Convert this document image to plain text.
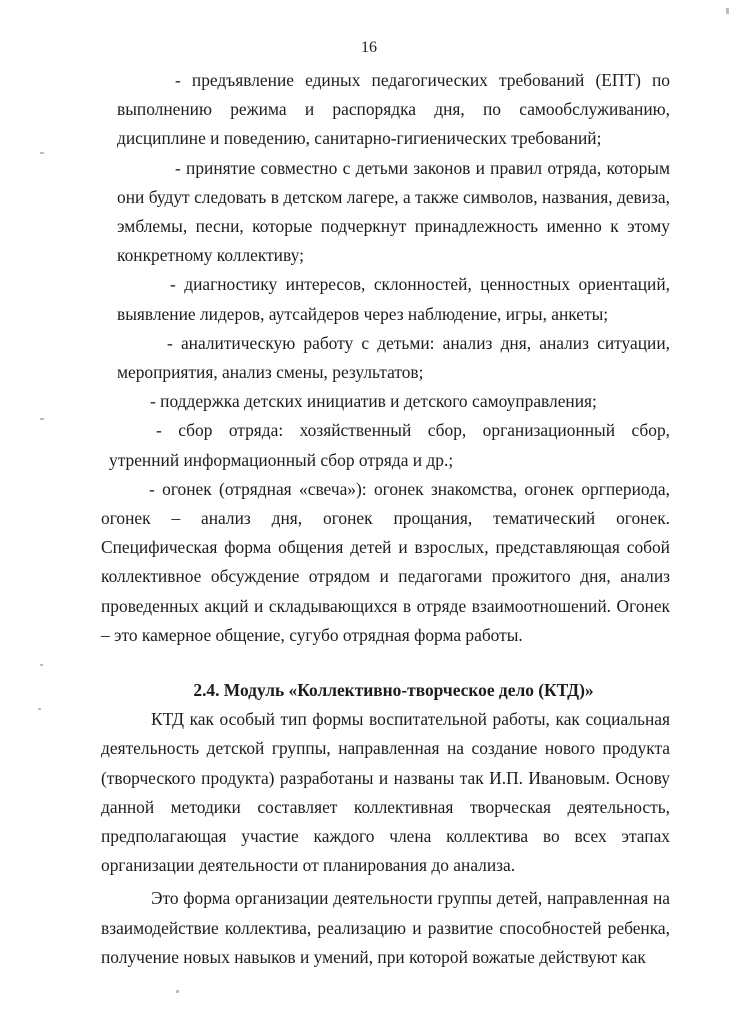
16

- предъявление единых педагогических требований (ЕПТ) по выполнению режима и распорядка дня, по самообслуживанию, дисциплине и поведению, санитарно-гигиенических требований;

- принятие совместно с детьми законов и правил отряда, которым они будут следовать в детском лагере, а также символов, названия, девиза, эмблемы, песни, которые подчеркнут принадлежность именно к этому конкретному коллективу;

- диагностику интересов, склонностей, ценностных ориентаций, выявление лидеров, аутсайдеров через наблюдение, игры, анкеты;

- аналитическую работу с детьми: анализ дня, анализ ситуации, мероприятия, анализ смены, результатов;

- поддержка детских инициатив и детского самоуправления;

- сбор отряда: хозяйственный сбор, организационный сбор, утренний информационный сбор отряда и др.;

- огонек (отрядная «свеча»): огонек знакомства, огонек оргпериода, огонек – анализ дня, огонек прощания, тематический огонек. Специфическая форма общения детей и взрослых, представляющая собой коллективное обсуждение отрядом и педагогами прожитого дня, анализ проведенных акций и складывающихся в отряде взаимоотношений. Огонек – это камерное общение, сугубо отрядная форма работы.

2.4. Модуль «Коллективно-творческое дело (КТД)»

КТД как особый тип формы воспитательной работы, как социальная деятельность детской группы, направленная на создание нового продукта (творческого продукта) разработаны и названы так И.П. Ивановым. Основу данной методики составляет коллективная творческая деятельность, предполагающая участие каждого члена коллектива во всех этапах организации деятельности от планирования до анализа.

Это форма организации деятельности группы детей, направленная на взаимодействие коллектива, реализацию и развитие способностей ребенка, получение новых навыков и умений, при которой вожатые действуют как
